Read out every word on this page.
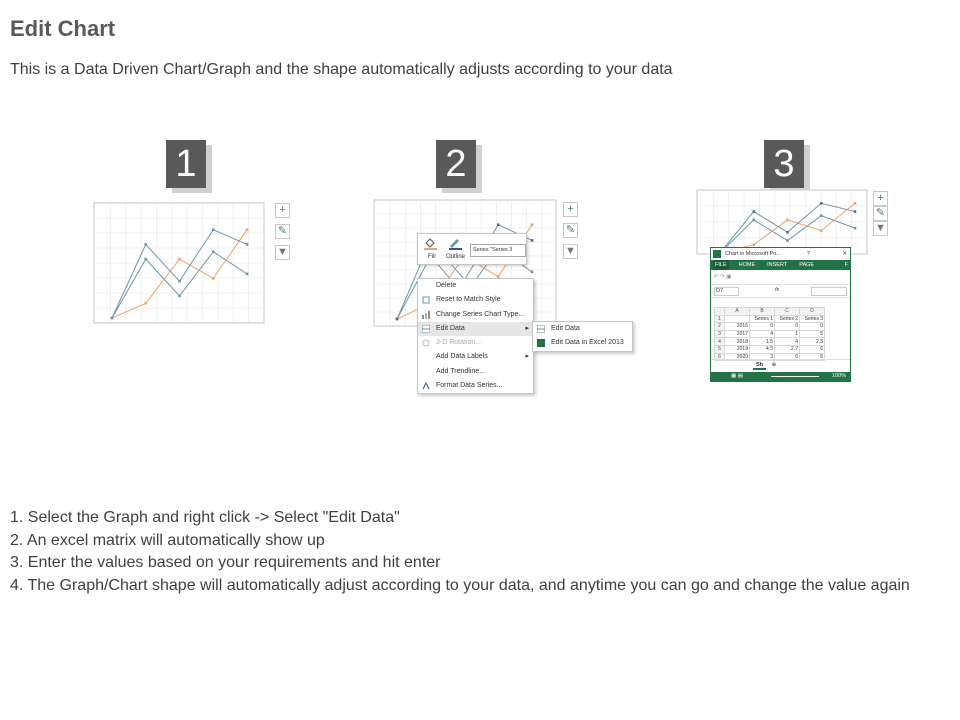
Edit Chart
This is a Data Driven Chart/Graph and the shape automatically adjusts according to your data
1	2	3
+
✎
▼
+
✎
▼
Fill Outline
Series "Series 3
Delete
Reset to Match Style
Change Series Chart Type...
Edit Data	▸
3-D Rotation...
Add Data Labels	▸
Add Trendline...
Format Data Series...
Edit Data
Edit Data in Excel 2013
+
✎
▼
Chart in Microsoft Po...	?	✕
FILE	HOME	INSERT	PAGE LAYOUT
F
↶ ↷ ▣
D7	fx
	A	B	C	D
1		Series 1	Series 2	Series 3
2	2016	0	0	0
3	2017	4	1	5
4	2018	1.5	4	2.5
5	2019	4.5	2.7	6
6	2020	3	6	5
Sh ⊕
▦ ▤	100%
1. Select the Graph and right click -> Select "Edit Data"
2. An excel matrix will automatically show up
3. Enter the values based on your requirements and hit enter
4. The Graph/Chart shape will automatically adjust according to your data, and anytime you can go and change the value again
